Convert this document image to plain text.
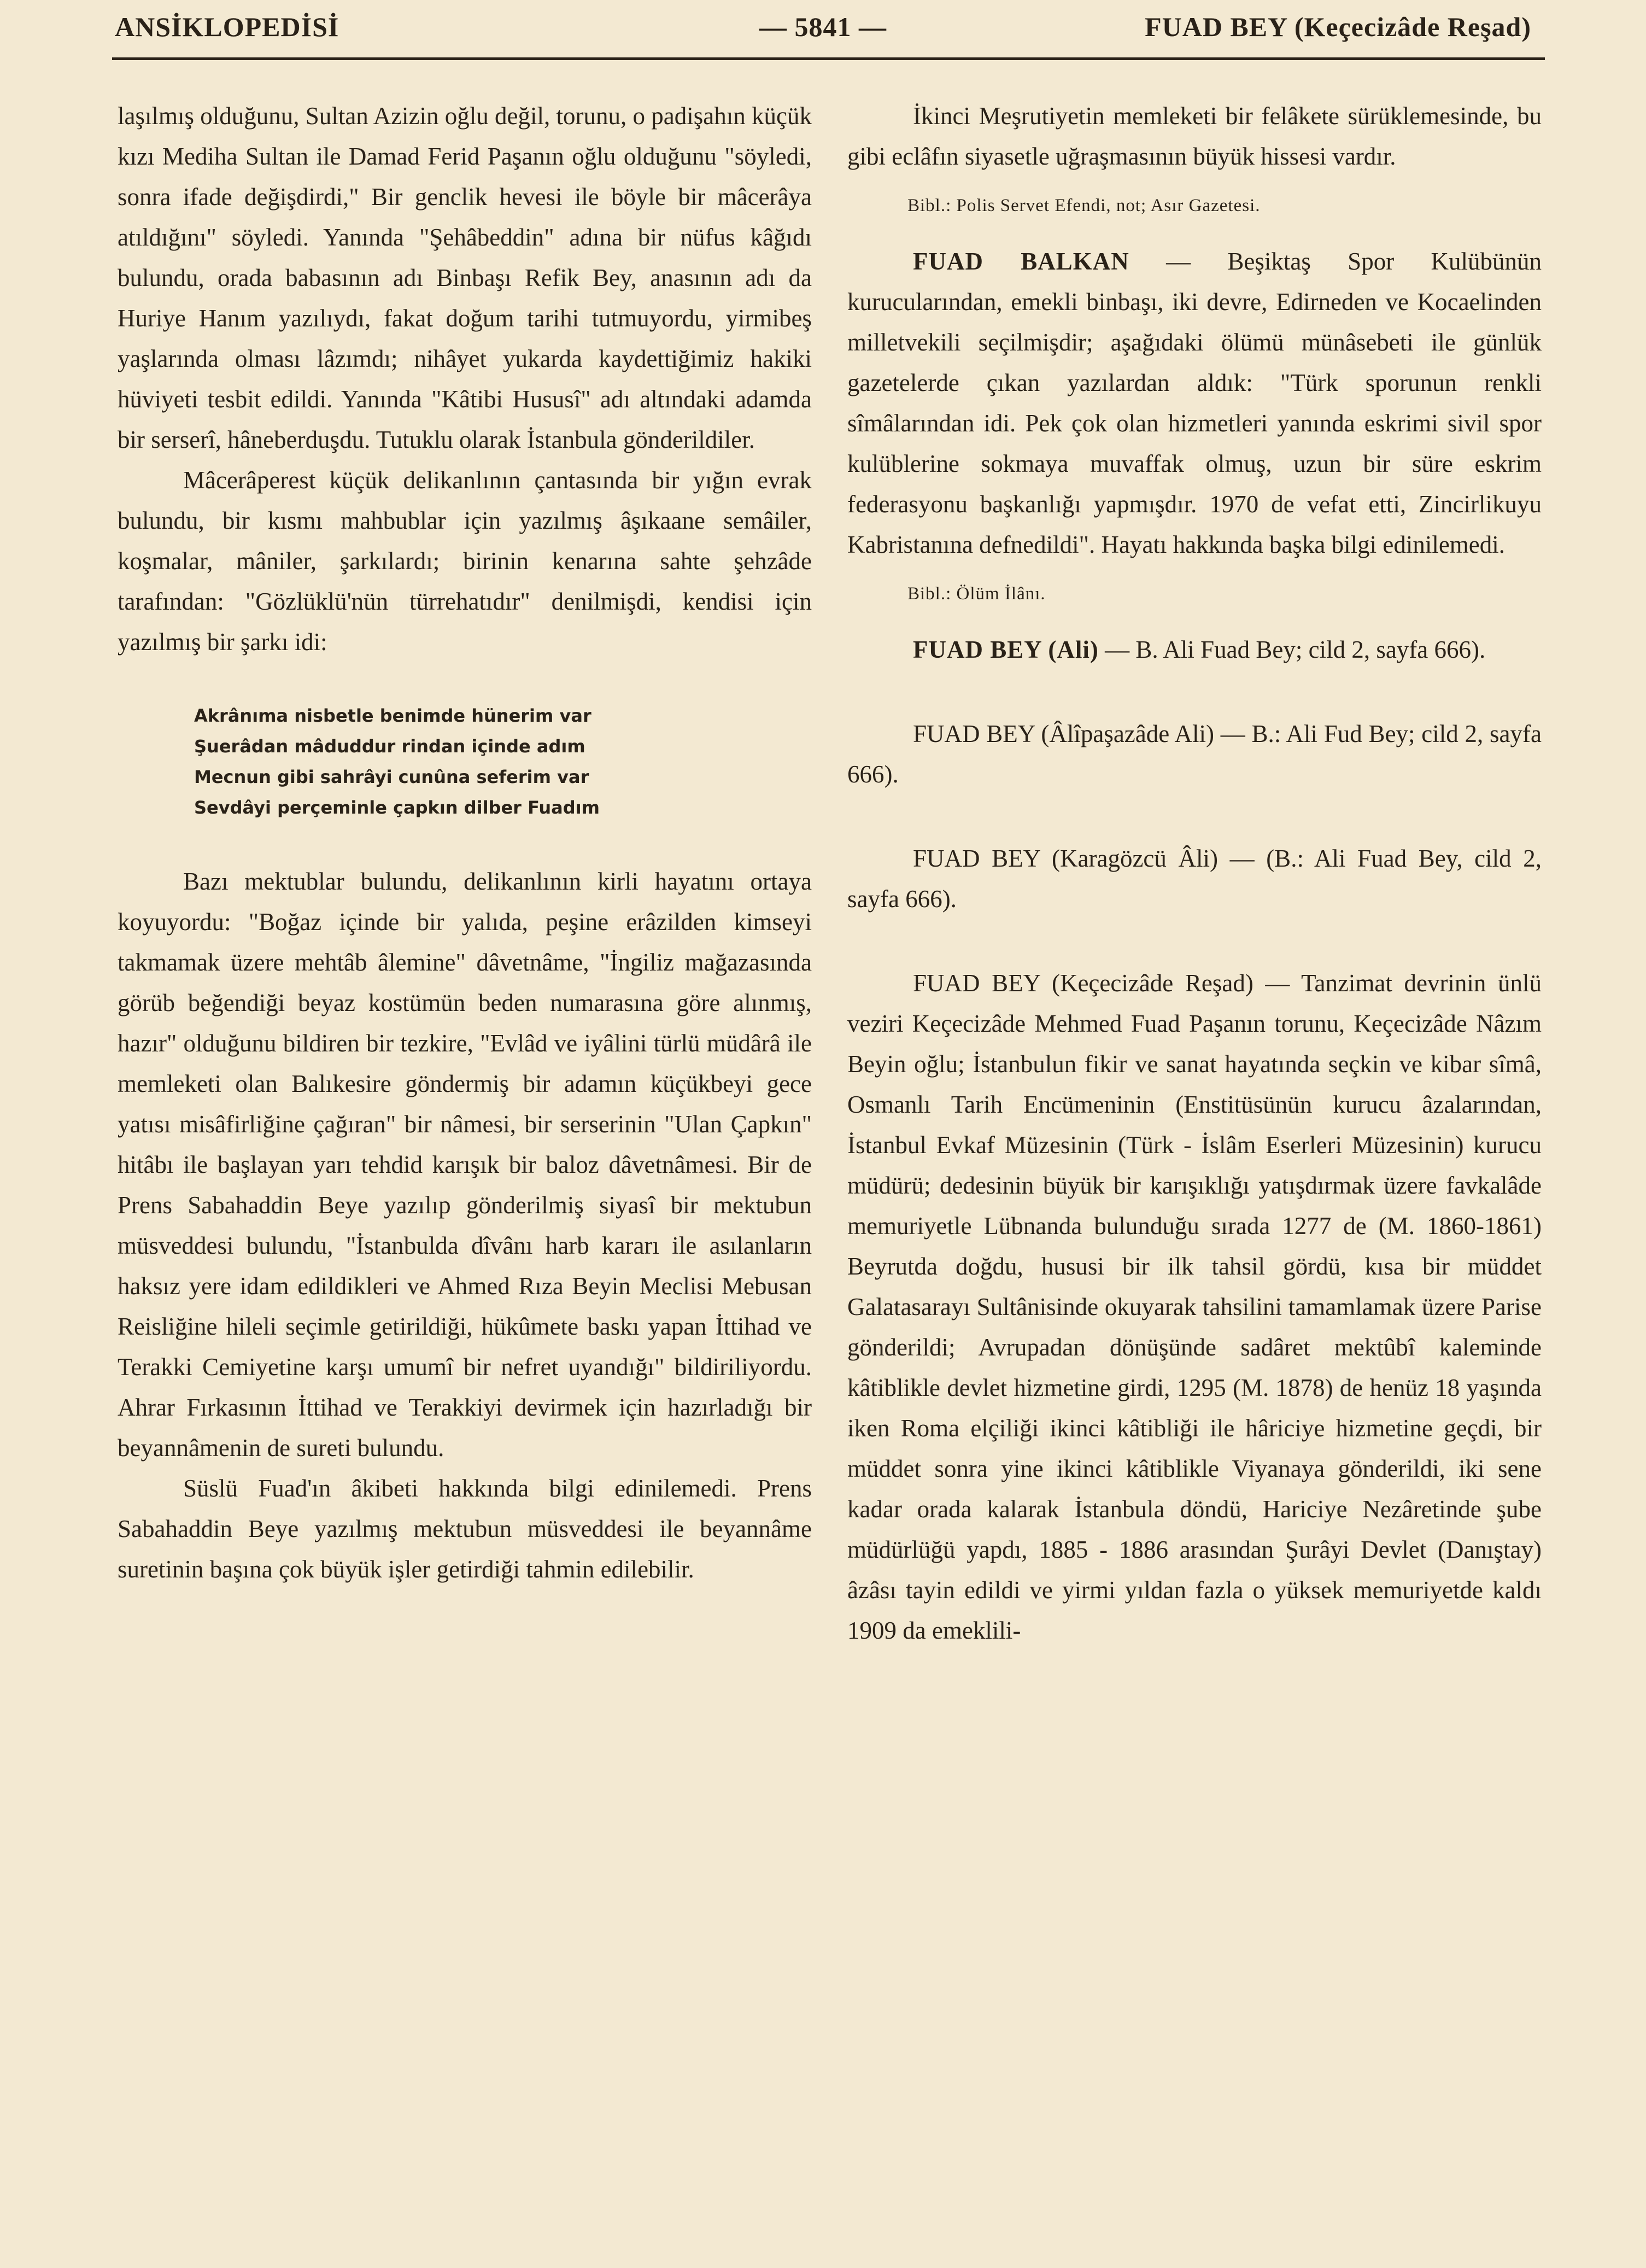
ANSİKLOPEDİSİ	— 5841 —	FUAD BEY (Keçecizâde Reşad)

laşılmış olduğunu, Sultan Azizin oğlu değil, torunu, o padişahın küçük kızı Mediha Sultan ile Damad Ferid Paşanın oğlu olduğunu "söyledi, sonra ifade değişdirdi," Bir genclik hevesi ile böyle bir mâcerâya atıldığını" söyledi. Yanında "Şehâbeddin" adına bir nüfus kâğıdı bulundu, orada babasının adı Binbaşı Refik Bey, anasının adı da Huriye Hanım yazılıydı, fakat doğum tarihi tutmuyordu, yirmibeş yaşlarında olması lâzımdı; nihâyet yukarda kaydettiğimiz hakiki hüviyeti tesbit edildi. Yanında "Kâtibi Hususî" adı altındaki adamda bir serserî, hâneberduşdu. Tutuklu olarak İstanbula gönderildiler.

Mâcerâperest küçük delikanlının çantasında bir yığın evrak bulundu, bir kısmı mahbublar için yazılmış âşıkaane semâiler, koşmalar, mâniler, şarkılardı; birinin kenarına sahte şehzâde tarafından: "Gözlüklü'nün türrehatıdır" denilmişdi, kendisi için yazılmış bir şarkı idi:

Akrânıma nisbetle benimde hünerim var
Şuerâdan mâduddur rindan içinde adım
Mecnun gibi sahrâyi cunûna seferim var
Sevdâyi perçeminle çapkın dilber Fuadım

Bazı mektublar bulundu, delikanlının kirli hayatını ortaya koyuyordu: "Boğaz içinde bir yalıda, peşine erâzilden kimseyi takmamak üzere mehtâb âlemine" dâvetnâme, "İngiliz mağazasında görüb beğendiği beyaz kostümün beden numarasına göre alınmış, hazır" olduğunu bildiren bir tezkire, "Evlâd ve iyâlini türlü müdârâ ile memleketi olan Balıkesire göndermiş bir adamın küçükbeyi gece yatısı misâfirliğine çağıran" bir nâmesi, bir serserinin "Ulan Çapkın" hitâbı ile başlayan yarı tehdid karışık bir baloz dâvetnâmesi. Bir de Prens Sabahaddin Beye yazılıp gönderilmiş siyasî bir mektubun müsveddesi bulundu, "İstanbulda dîvânı harb kararı ile asılanların haksız yere idam edildikleri ve Ahmed Rıza Beyin Meclisi Mebusan Reisliğine hileli seçimle getirildiği, hükûmete baskı yapan İttihad ve Terakki Cemiyetine karşı umumî bir nefret uyandığı" bildiriliyordu. Ahrar Fırkasının İttihad ve Terakkiyi devirmek için hazırladığı bir beyannâmenin de sureti bulundu.

Süslü Fuad'ın âkibeti hakkında bilgi edinilemedi. Prens Sabahaddin Beye yazılmış mektubun müsveddesi ile beyannâme suretinin başına çok büyük işler getirdiği tahmin edilebilir.

İkinci Meşrutiyetin memleketi bir felâkete sürüklemesinde, bu gibi eclâfın siyasetle uğraşmasının büyük hissesi vardır.

Bibl.: Polis Servet Efendi, not; Asır Gazetesi.

FUAD BALKAN — Beşiktaş Spor Kulübünün kurucularından, emekli binbaşı, iki devre, Edirneden ve Kocaelinden milletvekili seçilmişdir; aşağıdaki ölümü münâsebeti ile günlük gazetelerde çıkan yazılardan aldık: "Türk sporunun renkli sîmâlarından idi. Pek çok olan hizmetleri yanında eskrimi sivil spor kulüblerine sokmaya muvaffak olmuş, uzun bir süre eskrim federasyonu başkanlığı yapmışdır. 1970 de vefat etti, Zincirlikuyu Kabristanına defnedildi". Hayatı hakkında başka bilgi edinilemedi.

Bibl.: Ölüm İlânı.

FUAD BEY (Ali) — B. Ali Fuad Bey; cild 2, sayfa 666).

FUAD BEY (Âlîpaşazâde Ali) — B.: Ali Fud Bey; cild 2, sayfa 666).

FUAD BEY (Karagözcü Âli) — (B.: Ali Fuad Bey, cild 2, sayfa 666).

FUAD BEY (Keçecizâde Reşad) — Tanzimat devrinin ünlü veziri Keçecizâde Mehmed Fuad Paşanın torunu, Keçecizâde Nâzım Beyin oğlu; İstanbulun fikir ve sanat hayatında seçkin ve kibar sîmâ, Osmanlı Tarih Encümeninin (Enstitüsünün kurucu âzalarından, İstanbul Evkaf Müzesinin (Türk - İslâm Eserleri Müzesinin) kurucu müdürü; dedesinin büyük bir karışıklığı yatışdırmak üzere favkalâde memuriyetle Lübnanda bulunduğu sırada 1277 de (M. 1860-1861) Beyrutda doğdu, hususi bir ilk tahsil gördü, kısa bir müddet Galatasarayı Sultânisinde okuyarak tahsilini tamamlamak üzere Parise gönderildi; Avrupadan dönüşünde sadâret mektûbî kaleminde kâtiblikle devlet hizmetine girdi, 1295 (M. 1878) de henüz 18 yaşında iken Roma elçiliği ikinci kâtibliği ile hâriciye hizmetine geçdi, bir müddet sonra yine ikinci kâtiblikle Viyanaya gönderildi, iki sene kadar orada kalarak İstanbula döndü, Hariciye Nezâretinde şube müdürlüğü yapdı, 1885 - 1886 arasından Şurâyi Devlet (Danıştay) âzâsı tayin edildi ve yirmi yıldan fazla o yüksek memuriyetde kaldı 1909 da emeklili-
